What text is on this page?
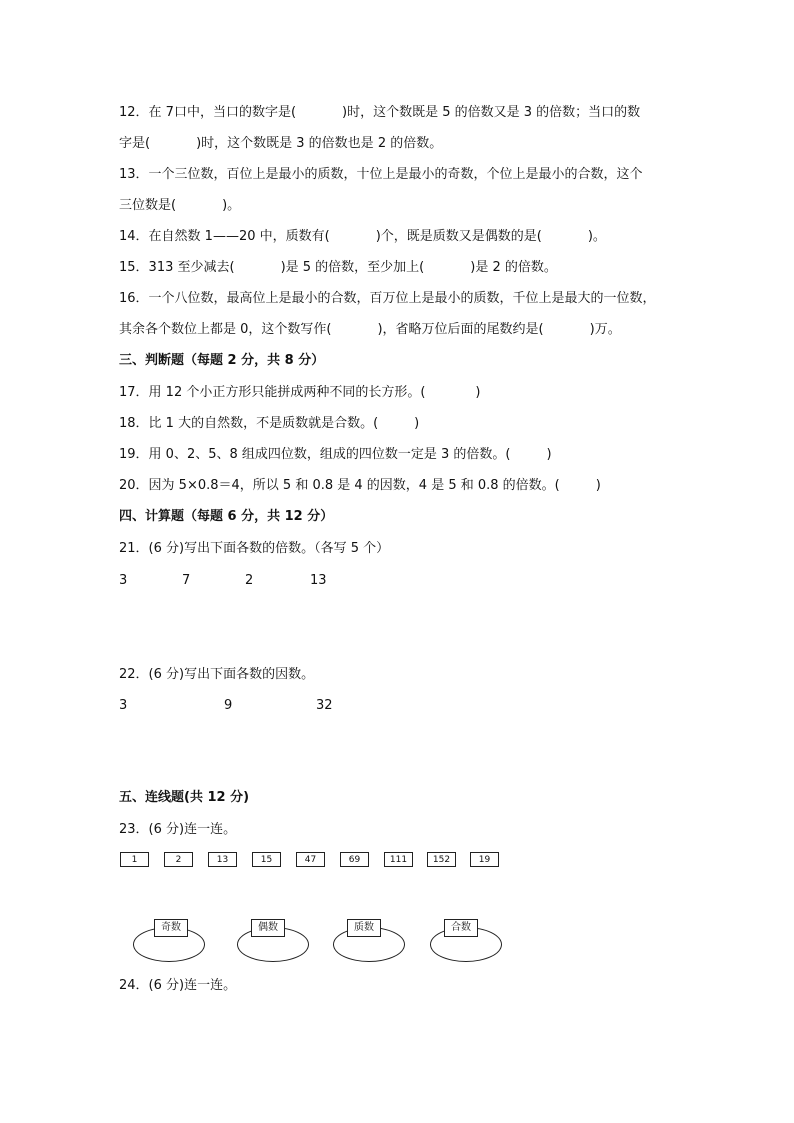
12．在 7口中，当口的数字是(	)时，这个数既是 5 的倍数又是 3 的倍数；当口的数
字是(	)时，这个数既是 3 的倍数也是 2 的倍数。
13．一个三位数，百位上是最小的质数，十位上是最小的奇数，个位上是最小的合数，这个
三位数是(	)。
14．在自然数 1——20 中，质数有(	)个，既是质数又是偶数的是(	)。
15．313 至少减去(	)是 5 的倍数，至少加上(	)是 2 的倍数。
16．一个八位数，最高位上是最小的合数，百万位上是最小的质数，千位上是最大的一位数，
其余各个数位上都是 0，这个数写作(	)，省略万位后面的尾数约是(	)万。
三、判断题（每题 2 分，共 8 分）
17．用 12 个小正方形只能拼成两种不同的长方形。(	)
18．比 1 大的自然数，不是质数就是合数。(	)
19．用 0、2、5、8 组成四位数，组成的四位数一定是 3 的倍数。(	)
20．因为 5×0.8＝4，所以 5 和 0.8 是 4 的因数，4 是 5 和 0.8 的倍数。(	)
四、计算题（每题 6 分，共 12 分）
21．(6 分)写出下面各数的倍数。（各写 5 个）
3	7	2	13
22．(6 分)写出下面各数的因数。
3	9	32
五、连线题(共 12 分)
23．(6 分)连一连。
1	2	13	15	47	69	111	152	19
奇数	偶数	质数	合数
24．(6 分)连一连。
